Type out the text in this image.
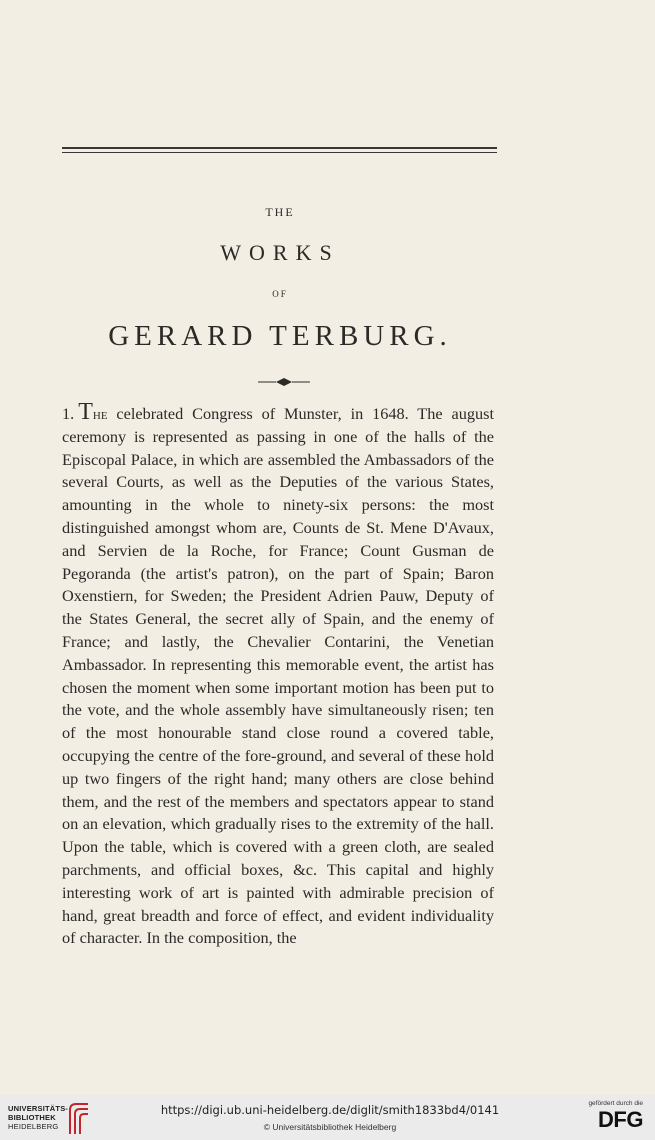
THE
WORKS
OF
GERARD TERBURG.
1. The celebrated Congress of Munster, in 1648. The august ceremony is represented as passing in one of the halls of the Episcopal Palace, in which are assembled the Ambassadors of the several Courts, as well as the Deputies of the various States, amounting in the whole to ninety-six persons: the most distinguished amongst whom are, Counts de St. Mene D'Avaux, and Servien de la Roche, for France; Count Gusman de Pegoranda (the artist's patron), on the part of Spain; Baron Oxenstiern, for Sweden; the President Adrien Pauw, Deputy of the States General, the secret ally of Spain, and the enemy of France; and lastly, the Chevalier Contarini, the Venetian Ambassador. In representing this memorable event, the artist has chosen the moment when some important motion has been put to the vote, and the whole assembly have simultaneously risen; ten of the most honourable stand close round a covered table, occupying the centre of the fore-ground, and several of these hold up two fingers of the right hand; many others are close behind them, and the rest of the members and spectators appear to stand on an elevation, which gradually rises to the extremity of the hall. Upon the table, which is covered with a green cloth, are sealed parchments, and official boxes, &c. This capital and highly interesting work of art is painted with admirable precision of hand, great breadth and force of effect, and evident individuality of character. In the composition, the
UNIVERSITÄTS-
BIBLIOTHEK
HEIDELBERG
https://digi.ub.uni-heidelberg.de/diglit/smith1833bd4/0141
© Universitätsbibliothek Heidelberg
gefördert durch die
DFG
